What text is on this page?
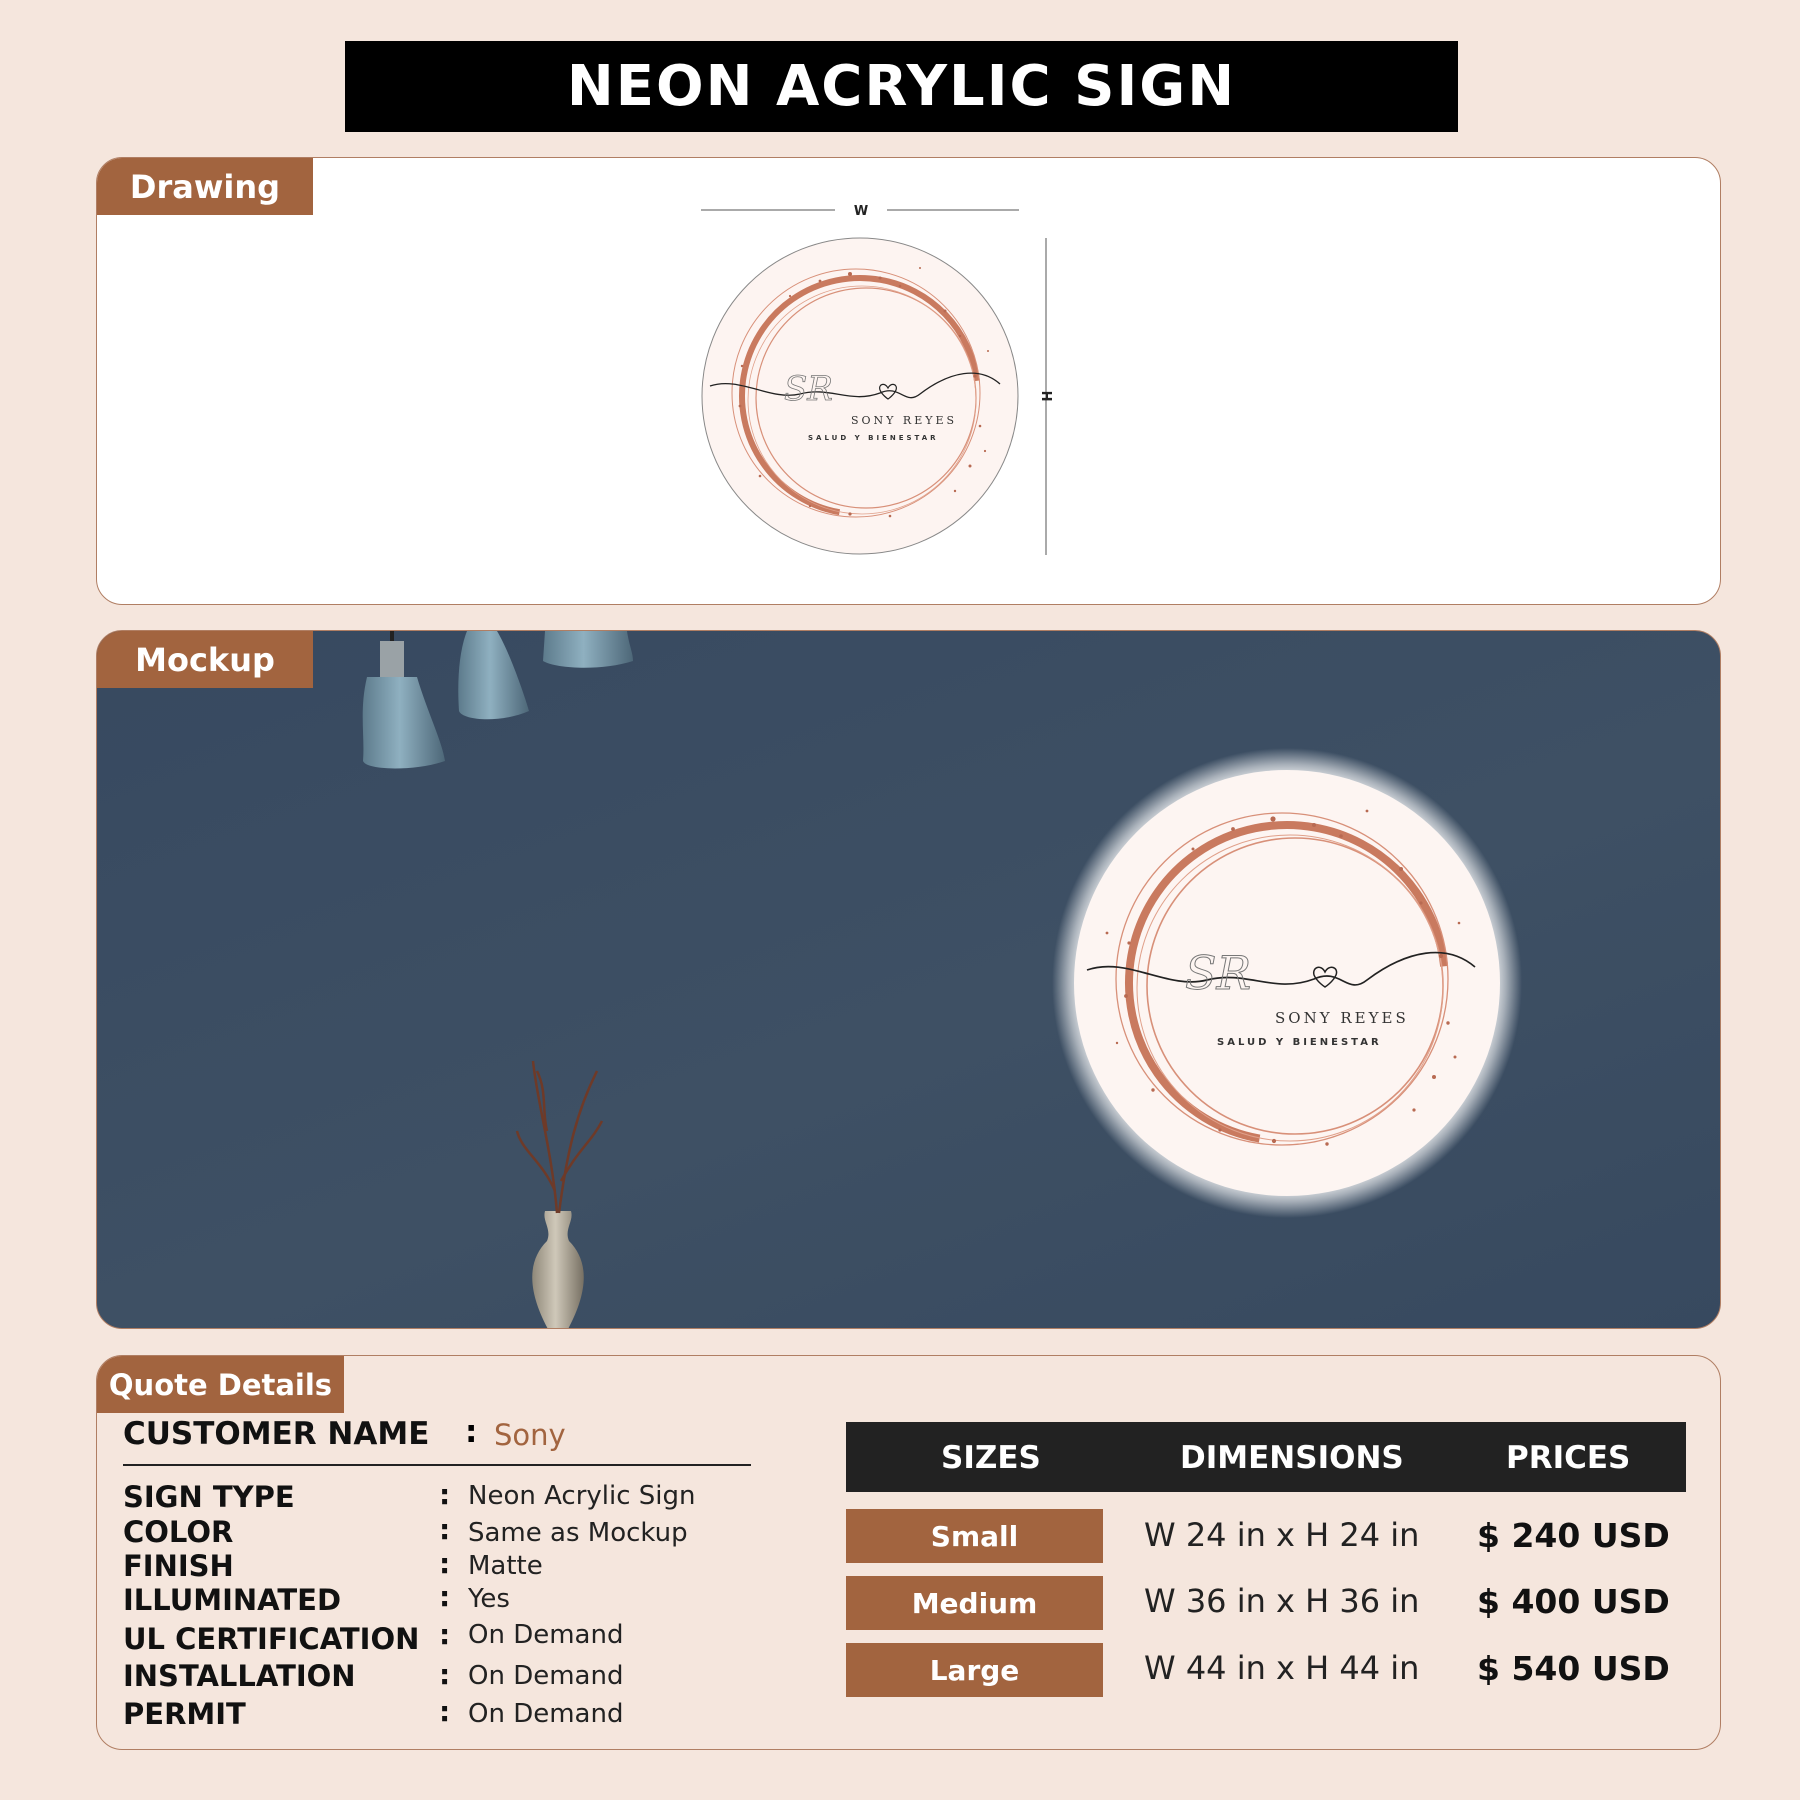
NEON ACRYLIC SIGN
Drawing
W
H
SR
SONY REYES
SALUD Y BIENESTAR
Mockup
SR
SONY REYES
SALUD Y BIENESTAR
Quote Details
CUSTOMER NAME : Sony
SIGN TYPE	: Neon Acrylic Sign
COLOR	: Same as Mockup
FINISH	: Matte
ILLUMINATED	: Yes
UL CERTIFICATION : On Demand
INSTALLATION	: On Demand
PERMIT	: On Demand
SIZES	DIMENSIONS	PRICES
Small	W 24 in x H 24 in $ 240 USD
Medium	W 36 in x H 36 in $ 400 USD
Large	W 44 in x H 44 in $ 540 USD
